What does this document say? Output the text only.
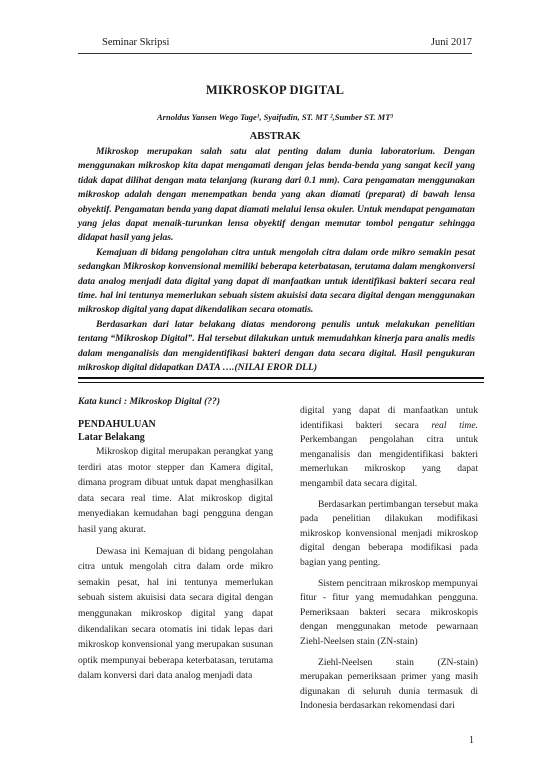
Seminar Skripsi	Juni 2017
MIKROSKOP DIGITAL
Arnoldus Yansen Wego Tage¹, Syaifudin, ST. MT ²,Sumber ST. MT³
ABSTRAK

Mikroskop merupakan salah satu alat penting dalam dunia laboratorium. Dengan menggunakan mikroskop kita dapat mengamati dengan jelas benda-benda yang sangat kecil yang tidak dapat dilihat dengan mata telanjang (kurang dari 0.1 mm). Cara pengamatan menggunakan mikroskop adalah dengan menempatkan benda yang akan diamati (preparat) di bawah lensa obyektif. Pengamatan benda yang dapat diamati melalui lensa okuler. Untuk mendapat pengamatan yang jelas dapat menaik-turunkan lensa obyektif dengan memutar tombol pengatur sehingga didapat hasil yang jelas.

Kemajuan di bidang pengolahan citra untuk mengolah citra dalam orde mikro semakin pesat sedangkan Mikroskop konvensional memiliki beberapa keterbatasan, terutama dalam mengkonversi data analog menjadi data digital yang dapat di manfaatkan untuk identifikasi bakteri secara real time. hal ini tentunya memerlukan sebuah sistem akuisisi data secara digital dengan menggunakan mikroskop digital yang dapat dikendalikan secara otomatis.

Berdasarkan dari latar belakang diatas mendorong penulis untuk melakukan penelitian tentang “Mikroskop Digital”. Hal tersebut dilakukan untuk memudahkan kinerja para analis medis dalam menganalisis dan mengidentifikasi bakteri dengan data secara digital. Hasil pengukuran mikroskop digital didapatkan DATA ….(NILAI EROR DLL)

Kata kunci : Mikroskop Digital (??)
PENDAHULUAN
Latar Belakang

Mikroskop digital merupakan perangkat yang terdiri atas motor stepper dan Kamera digital, dimana program dibuat untuk dapat menghasilkan data secara real time. Alat mikroskop digital menyediakan kemudahan bagi pengguna dengan hasil yang akurat.

Dewasa ini Kemajuan di bidang pengolahan citra untuk mengolah citra dalam orde mikro semakin pesat, hal ini tentunya memerlukan sebuah sistem akuisisi data secara digital dengan menggunakan mikroskop digital yang dapat dikendalikan secara otomatis ini tidak lepas dari mikroskop konvensional yang merupakan susunan optik mempunyai beberapa keterbatasan, terutama dalam konversi dari data analog menjadi data

digital yang dapat di manfaatkan untuk identifikasi bakteri secara real time. Perkembangan pengolahan citra untuk menganalisis dan mengidentifikasi bakteri memerlukan mikroskop yang dapat mengambil data secara digital.

Berdasarkan pertimbangan tersebut maka pada penelitian dilakukan modifikasi mikroskop konvensional menjadi mikroskop digital dengan beberapa modifikasi pada bagian yang penting.

Sistem pencitraan mikroskop mempunyai fitur - fitur yang memudahkan pengguna. Pemeriksaan bakteri secara mikroskopis dengan menggunakan metode pewarnaan Ziehl-Neelsen stain (ZN-stain)

Ziehl-Neelsen stain (ZN-stain) merupakan pemeriksaan primer yang masih digunakan di seluruh dunia termasuk di Indonesia berdasarkan rekomendasi dari

1
